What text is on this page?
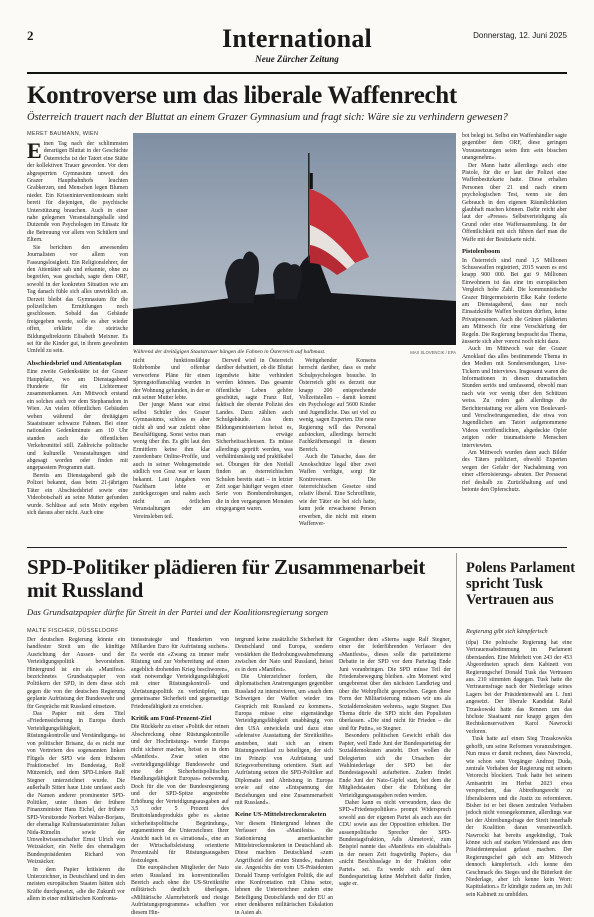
2	International
Neue Zürcher Zeitung
Donnerstag, 12. Juni 2025
Kontroverse um das liberale Waffenrecht
Österreich trauert nach der Bluttat an einem Grazer Gymnasium und fragt sich: Wäre sie zu verhindern gewesen?
MERET BAUMANN, WIEN

Einen Tag nach der schlimmsten derartigen Bluttat in der Geschichte Österreichs ist der Tatort eine Stätte der kollektiven Trauer geworden. Vor dem abgesperrten Gymnasium unweit des Grazer Hauptbahnhofs leuchten Grabkerzen, und Menschen legen Blumen nieder. Ein Kriseninterventionsteam steht bereit für diejenigen, die psychische Unterstützung brauchen. Auch in einer nahe gelegenen Veranstaltungshalle sind Dutzende von Psychologen im Einsatz für die Betreuung vor allem von Schülern und Eltern.

Sie berichten den anwesenden Journalisten vor allem von Fassungslosigkeit. Ein Religionslehrer, der den Attentäter sah und erkannte, ohne zu begreifen, was geschah, sagte dem ORF, sowohl in der konkreten Situation wie am Tag danach fühle sich alles unwirklich an. Derzeit bleibt das Gymnasium für die polizeilichen Ermittlungen noch geschlossen. Sobald das Gebäude freigegeben werde, solle es aber wieder offen, erklärte die steirische Bildungsdirektorin Elisabeth Meixner. Es sei für die Kinder gut, in ihrem gewohnten Umfeld zu sein.

Abschiedsbrief und Attentatsplan

Eine zweite Gedenkstätte ist der Grazer Hauptplatz, wo am Dienstagabend Hunderte für ein Lichtermeer zusammenkamen. Am Mittwoch erstand ein solches auch vor dem Stephansdom in Wien. An vielen öffentlichen Gebäuden wehen während der dreitägigen Staatstrauer schwarze Fahnen. Bei einer nationalen Gedenkminute am 10 Uhr standen auch die öffentlichen Verkehrsmittel still. Zahlreiche politische und kulturelle Veranstaltungen sind abgesagt worden oder finden mit angepasstem Programm statt.

Bereits am Dienstagabend gab die Polizei bekannt, dass beim 21-jährigen Täter ein Abschiedsbrief sowie eine Videobotschaft an seine Mutter gefunden wurde. Schlüsse auf sein Motiv ergeben sich daraus aber nicht. Auch eine

Während der dreitägigen Staatstrauer hängen die Fahnen in Österreich auf halbmast.	MAX SLOVENCIK / EPA

nicht funktionsfähige Rohrbombe und offenbar verworfene Pläne für einen Sprengstoffanschlag wurden in der Wohnung gefunden, in der er mit seiner Mutter lebte.

Der junge Mann war einst selbst Schüler des Grazer Gymnasiums, schloss es aber nicht ab und war zuletzt ohne Beschäftigung. Sonst weiss man wenig über ihn. Es gibt laut den Ermittlern keine ihm klar zuordenbare Online-Profile, und auch in seiner Wohngemeinde südlich von Graz war er kaum bekannt. Laut Angaben von Nachbarn lebte er zurückgezogen und nahm auch nicht an örtlichen Veranstaltungen oder am Vereinsleben teil.

Derweil wird in Österreich darüber debattiert, ob die Bluttat irgendwie hätte verhindert werden können. Das gesamte öffentliche Leben gehöre geschützt, sagte Franz Ruf, faktisch der oberste Polizist des Landes. Dazu zählten auch Schulgebäude. Aus dem Bildungsministerium heisst es, man erwäge Sicherheitsschleusen. Es müsse allerdings geprüft werden, was verhältnismässig und praktikabel sei. Übungen für den Notfall finden an österreichischen Schulen bereits statt – in letzter Zeit sogar häufiger wegen einer Serie von Bombendrohungen, die in den vergangenen Monaten eingegangen waren.

Weitgehender Konsens herrscht darüber, dass es mehr Schulpsychologen brauche. In Österreich gibt es derzeit nur knapp 200 entsprechende Vollzeitstellen – damit kommt ein Psychologe auf 5600 Kinder und Jugendliche. Das sei viel zu wenig, sagen Experten. Die neue Regierung will das Personal aufstocken, allerdings herrscht Fachkräftemangel in diesem Bereich.

Auch die Tatsache, dass der Amokschütze legal über zwei Waffen verfügte, sorgt für Kontroversen. Die österreichischen Gesetze sind relativ liberal. Eine Schrotflinte, wie der Täter sie bei sich hatte, kann jede erwachsene Person erwerben, die nicht mit einem Waffenver-

bot belegt ist. Selbst ein Waffenhändler sagte gegenüber dem ORF, diese geringen Voraussetzungen seien ihm «ein bisschen unangenehm».

Der Mann hatte allerdings auch eine Pistole, für die er laut der Polizei eine Waffenbesitzkarte hatte. Diese erhalten Personen über 21 und nach einem psychologischen Test, wenn sie den Gebrauch in den eigenen Räumlichkeiten glaubhaft machen können. Dafür reicht aber laut der «Presse» Selbstverteidigung als Grund oder eine Waffensammlung. In der Öffentlichkeit mit sich führen darf man die Waffe mit der Besitzkarte nicht.

Pistolenboom

In Österreich sind rund 1,5 Millionen Schusswaffen registriert, 2015 waren es erst knapp 900 000. Bei gut 9 Millionen Einwohnern ist das eine im europäischen Vergleich hohe Zahl. Die kommunistische Grazer Bürgermeisterin Elke Kahr forderte am Dienstagabend, dass nur noch Einsatzkräfte Waffen besitzen dürften, keine Privatpersonen. Auch die Grünen plädierten am Mittwoch für eine Verschärfung der Regeln. Die Regierung bespracht das Thema, äusserte sich aber vorerst noch nicht dazu.

Auch im Mittwoch war der Grazer Amoklauf das alles bestimmende Thema in den Medien mit Sondersendungen, Live-Tickern und Interviews. Insgesamt waren die Informationen in diesen dramatischen Stunden seriös und umfassend, obwohl man nach wie vor wenig über den Schützen weiss. Zu reden gab allerdings die Berichterstattung vor allem von Boulevard- und Verschwörungsmedien, die etwa von Jugendlichen am Tatort aufgenommene Videos veröffentlichten, abgedeckte Opfer zeigten oder traumatisierte Menschen interviewten.

Am Mittwoch wurden dann auch Bilder des Täters publiziert, obwohl Experten wegen der Gefahr der Nachahmung von einer «Heroisierung» abraten. Der Presserat rief deshalb zu Zurückhaltung auf und betonte den Opferschutz.

SPD-Politiker plädieren für Zusammenarbeit mit Russland
Das Grundsatzpapier dürfte für Streit in der Partei und der Koalitionsregierung sorgen
MALTE FISCHER, DÜSSELDORF

Der deutschen Regierung könnte ein handfester Streit um die künftige Ausrichtung der Aussen- und der Verteidigungspolitik bevorstehen. Hintergrund ist ein als «Manifest» bezeichnetes Grundsatzpapier von Politikern der SPD, in dem diese sich gegen die von der deutschen Regierung geplante Aufrüstung der Bundeswehr und für Gespräche mit Russland einsetzen.

Das Papier mit dem Titel «Friedenssicherung in Europa durch Verteidigungsfähigkeit, Rüstungskontrolle und Verständigung» ist von politischer Brisanz, da es nicht nur von Vertretern des sogenannten linken Flügels der SPD wie dem früheren Fraktionschef im Bundestag, Rolf Mützenich, und dem SPD-Linken Ralf Stegner unterzeichnet wurde. Die außerhalb Sitten haue Liste umfasst auch die Namen anderer prominenter SPD-Politiker, unter ihnen der frühere Finanzminister Hans Eichel, der frühere SPD-Vorsitzende Norbert Walter-Borjans, der ehemalige Kulturstaatsminister Julian Nida-Rümelin sowie der Umweltwissenschafter Ernst Ulrich von Weizsäcker, ein Neffe des ehemaligen Bundespräsidenten Richard von Weizsäcker.

In dem Papier kritisieren die Unterzeichner, in Deutschland und in den meisten europäischen Staaten hätten sich Kräfte durchgesetzt, «die die Zukunft vor allem in einer militärischen Konfronta-

tionsstrategie und Hunderten von Milliarden Euro für Aufrüstung suchen». Es werde ein «Zwang zu immer mehr Rüstung und zur Vorbereitung auf einen angeblich drohenden Krieg beschworen», statt notwendige Verteidigungsfähigkeit mit einer Rüstungskontroll- und Abrüstungspolitik zu verknüpfen, um gemeinsame Sicherheit und gegenseitige Friedensfähigkeit zu erreichen.

Kritik am Fünf-Prozent-Ziel

Die Rückkehr zu einer «Politik der reinen Abschreckung ohne Rüstungskontrolle und der Hochrüstung» werde Europa nicht sicherer machen, heisst es in dem «Manifest». Zwar seien eine «verteidigungsfähige Bundeswehr und eine der Sicherheitspolitischen Handlungsfähigkeit Europas» notwendig. Doch für die von der Bundesregierung und der SPD-Spitze angestrebte Erhöhung der Verteidigungsausgaben auf 3,5 oder 5 Prozent des Bruttoinlandsprodukts gebe es «keine sicherheitspolitische Begründung», argumentieren die Unterzeichner. Ihrer Ansicht nach ist es «irrational», eine an der Wirtschaftsleistung orientierte Prozentzahl für Rüstungsausgaben festzulegen.

Die europäischen Mitglieder der Nato seien Russland im konventionellen Bereich auch ohne die US-Streitkräfte militärisch deutlich überlegen. «Militärische Alarmrhetorik und riesige Aufrüstungsprogramme» schafften vor diesem Hin-

tergrund keine zusätzliche Sicherheit für Deutschland und Europa, sondern verstärkten die Bedrohungswahrnehmung zwischen der Nato und Russland, heisst es in dem «Manifest».

Die Unterzeichner fordern, die diplomatischen Anstrengungen gegenüber Russland zu intensivieren, um «nach dem Schweigen der Waffen wieder ins Gespräch mit Russland zu kommen». Europa müsse eine eigenständige Verteidigungsfähigkeit unabhängig von den USA entwickeln und dazu eine «defensive Ausstattung der Streitkräfte» anstreben, statt sich an einem Rüstungswettlauf zu beteiligen, der sich im Prinzip von Aufrüstung und Kriegsvorbereitung orientiere. Statt auf Aufrüstung setzen die SPD-Politiker auf Diplomatie und Abrüstung in Europa sowie auf eine «Entspannung der Beziehungen und eine Zusammenarbeit mit Russland».

Keine US-Mittelstreckenraketen

Vor diesem Hintergrund lehnen die Verfasser des «Manifests» die Stationierung amerikanischer Mittelstreckenraketen in Deutschland ab. Diese machten Deutschland «zum Angriffsziel der ersten Stunde», mahnen sie. Angesichts der vom US-Präsidenten Donald Trump verfolgten Politik, die auf eine Konfrontation mit China setze, lehnen die Unterzeichner zudem eine Beteiligung Deutschlands und der EU an einer denkbaren militärischen Eskalation in Asien ab.

Gegenüber dem «Stern» sagte Ralf Stegner, einer der federführenden Verfasser des «Manifests», dieses solle die parteiinterne Debatte in der SPD vor dem Parteitag Ende Juni voranbringen. Die SPD müsse Teil der Friedensbewegung bleiben. «Im Moment wird umgebremst über den nächsten Landkrieg und über die Wehrpflicht gesprochen. Gegen diese Form der Militarisierung müssen wir uns als Sozialdemokraten wehren», sagte Stegner. Das Thema dürfe die SPD nicht den Populisten überlassen. «Die sind nicht für Frieden – die sind für Putin», so Stegner.

Besonders politischen Gewicht erhält das Papier, weil Ende Juni der Bundesparteitag der Sozialdemokraten ansteht. Dort wollen die Delegierten sich die Ursachen der Wahlniederlage der SPD bei der Bundestagswahl aufarbeiten. Zudem findet Ende Juni der Nato-Gipfel statt, bei dem die Mitgliedstaaten über die Erhöhung der Verteidigungsausgaben reden werden.

Daher kann es nicht verwundern, dass die SPD-«Friedenspolitiker» prompt Widerspruch sowohl aus der eigenen Partei als auch aus der CDU sowie aus der Opposition erhielten. Der aussenpolitische Sprecher der SPD-Bundestagsfraktion, Adis Ahmetović, zum Beispiel nannte das «Manifest» ein «fatalthal» in der neuen Zeit fragwürdig Papier», das «nicht Beschlusslage in der Fraktion oder Partei» sei. Es werde sich auf dem Bundesparteitag keine Mehrheit dafür finden, sagte er.

Polens Parlament spricht Tusk Vertrauen aus
Regierung gibt sich kämpferisch

(dpa) Die polnische Regierung hat eine Vertrauensabstimmung im Parlament überstanden. Eine Mehrheit von 243 der 453 Abgeordneten sprach dem Kabinett von Regierungschef Donald Tusk das Vertrauen aus. 210 stimmten dagegen. Tusk hatte die Vertrauensfrage nach der Niederlage seines Lagers bei der Präsidentenwahl am 1. Juni angesetzt. Der liberale Kandidat Rafał Trzaskowski hatte das Rennen um das höchste Staatsamt nur knapp gegen den Rechtskonservativen Karol Nawrocki verloren.

Tusk hatte auf einen Sieg Trzaskowskis gehofft, um seine Reformen voranzubringen. Nun muss er damit rechnen, dass Nawrocki, wie schon sein Vorgänger Andrzej Duda, zentrale Vorhaben der Regierung mit seinem Vetorecht blockiert. Tusk hatte bei seinem Amtsantritt im Herbst 2023 etwa versprochen, das Abtreibungsrecht zu liberalisieren und die Justiz zu reformieren. Bisher ist er bei diesen zentralen Vorhaben jedoch nicht vorangekommen, allerdings war bei der Abtreibungsfrage der Streit innerhalb der Koalition daran verantwortlich. Nawrocki hat bereits angekündigt, Tusk könne sich auf starken Widerstand aus dem Präsidentenpalast gefasst machen. Der Regierungschef gab sich am Mittwoch dennoch kämpferisch. «Ich kenne den Geschmack des Sieges und die Bitterkeit der Niederlage, aber ich kenne kein Wort: Kapitulation.» Er kündigte zudem an, im Juli sein Kabinett zu umbilden.
